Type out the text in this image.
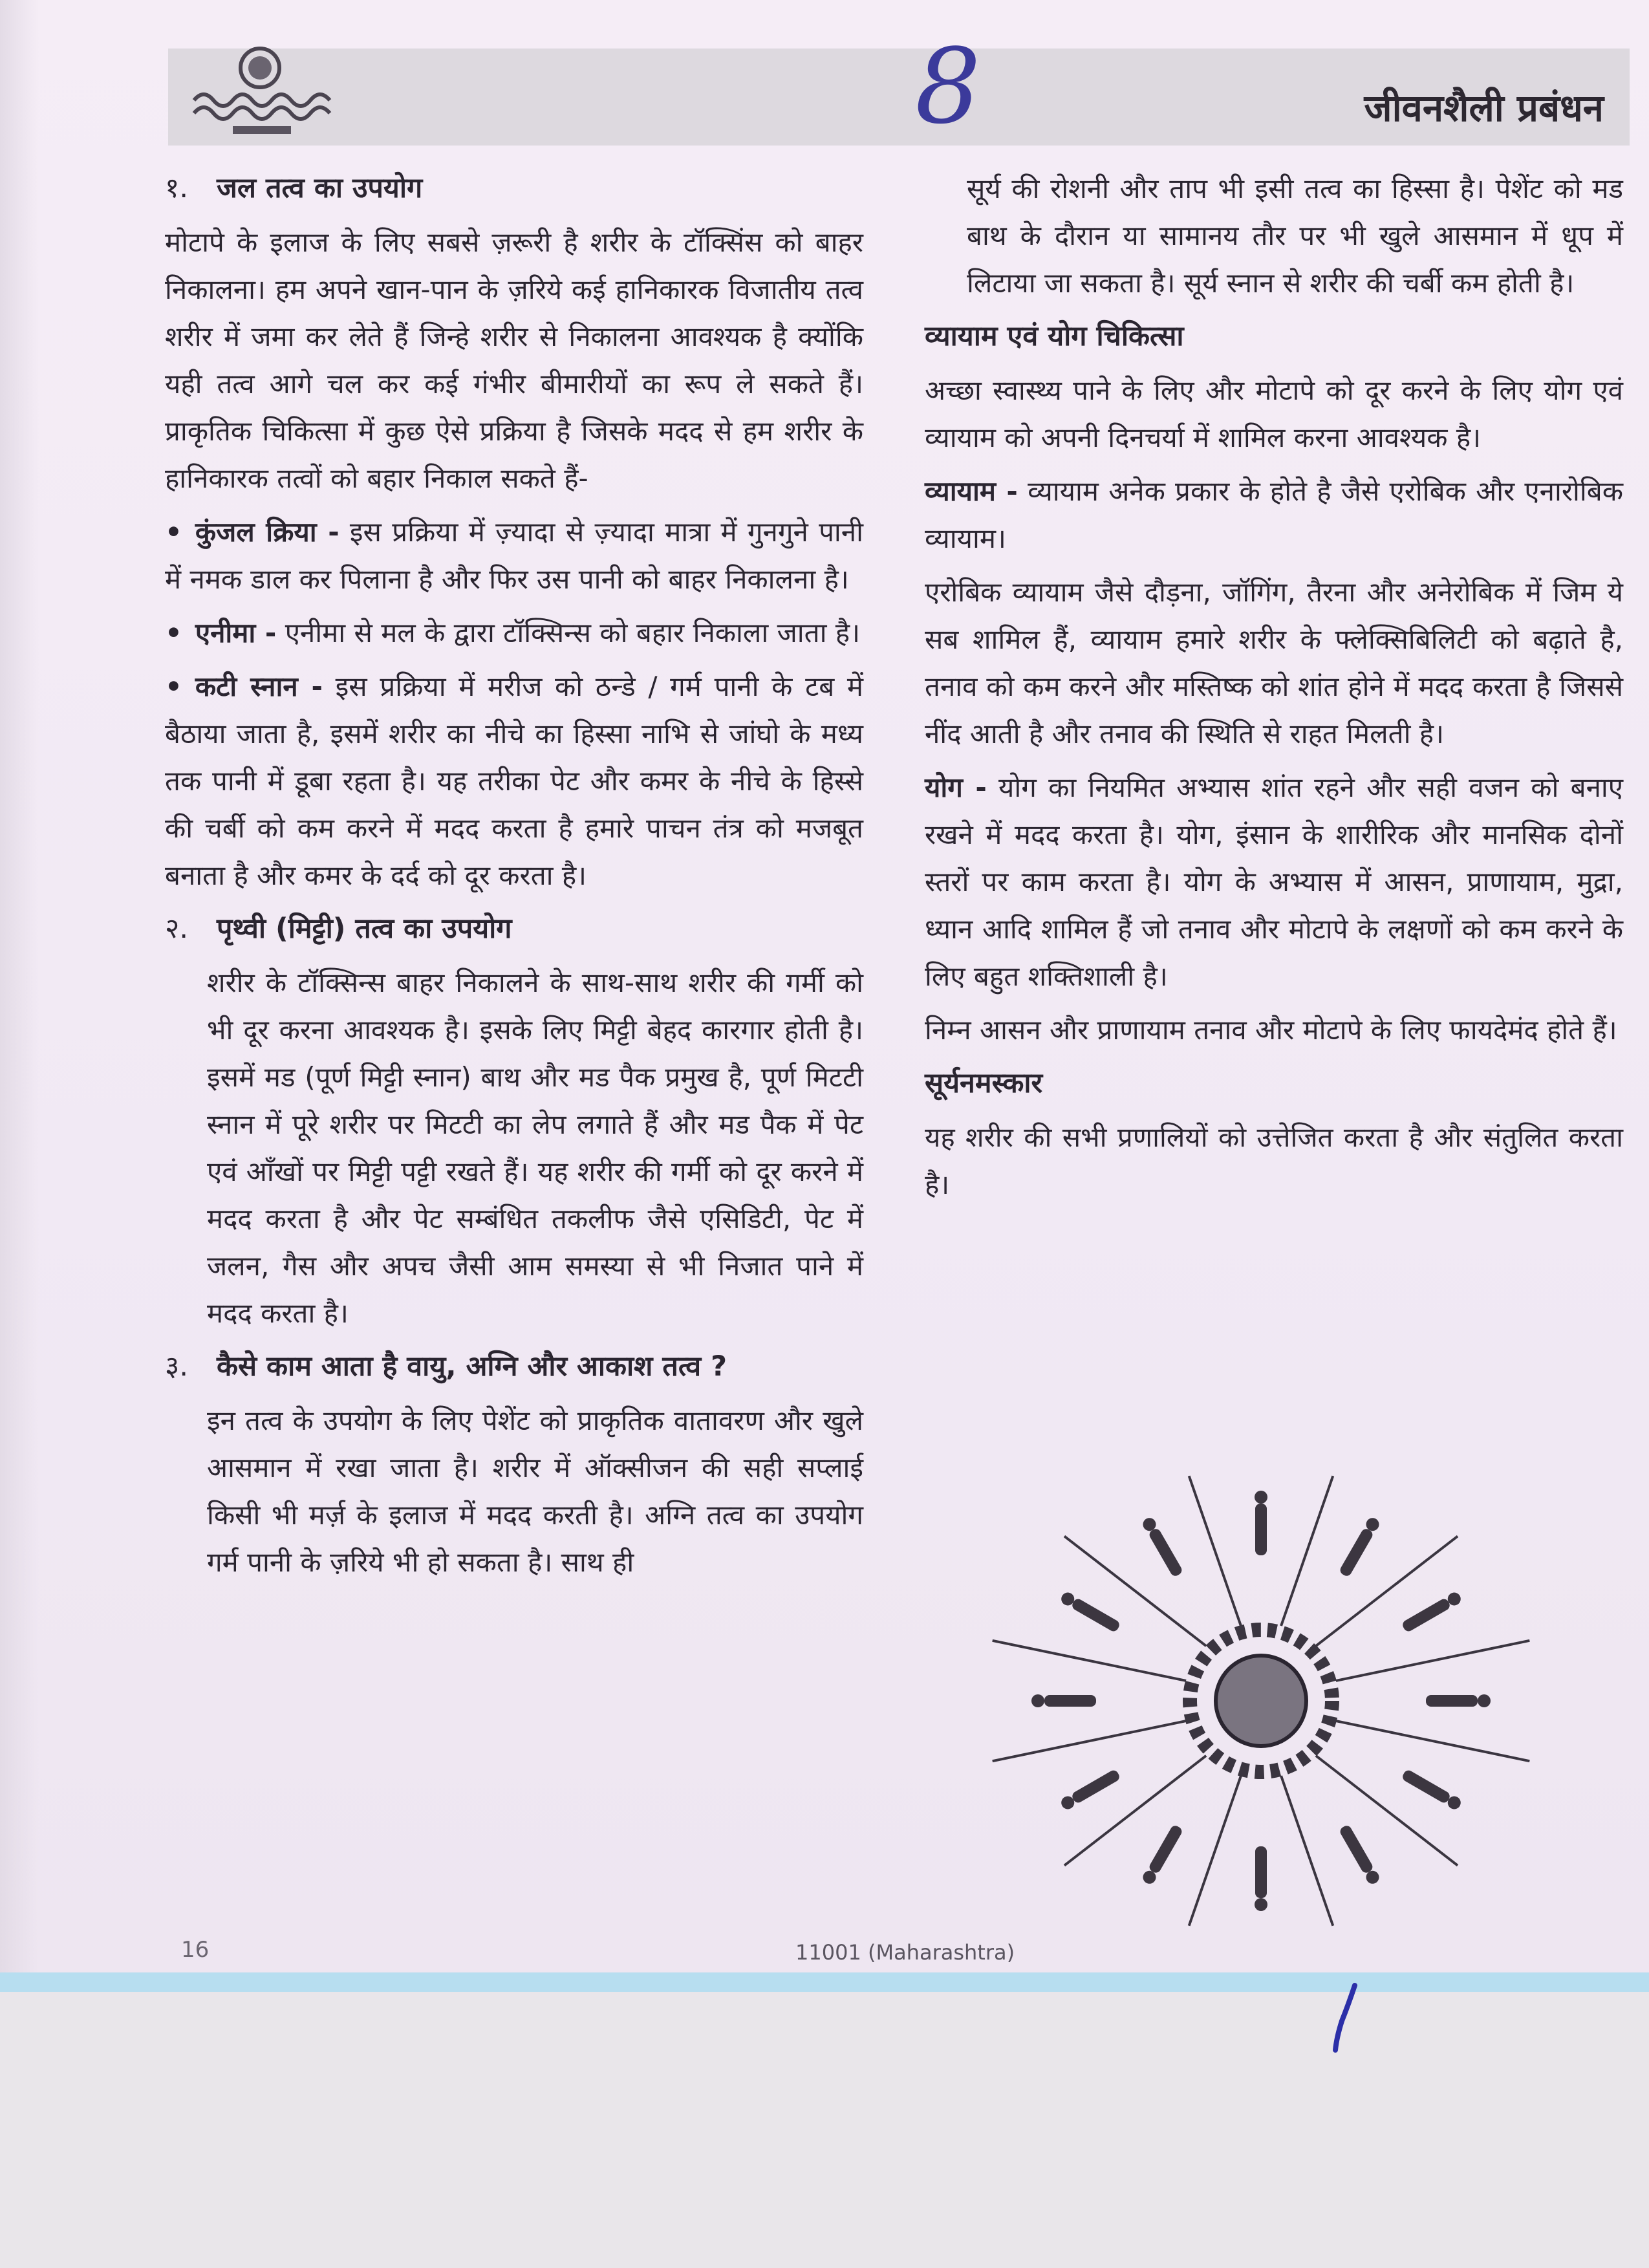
8	जीवनशैली प्रबंधन
१. जल तत्व का उपयोग

मोटापे के इलाज के लिए सबसे ज़रूरी है शरीर के टॉक्सिंस को बाहर निकालना। हम अपने खान-पान के ज़रिये कई हानिकारक विजातीय तत्व शरीर में जमा कर लेते हैं जिन्हे शरीर से निकालना आवश्यक है क्योंकि यही तत्व आगे चल कर कई गंभीर बीमारीयों का रूप ले सकते हैं। प्राकृतिक चिकित्सा में कुछ ऐसे प्रक्रिया है जिसके मदद से हम शरीर के हानिकारक तत्वों को बहार निकाल सकते हैं-

• कुंजल क्रिया - इस प्रक्रिया में ज़्यादा से ज़्यादा मात्रा में गुनगुने पानी में नमक डाल कर पिलाना है और फिर उस पानी को बाहर निकालना है।

• एनीमा - एनीमा से मल के द्वारा टॉक्सिन्स को बहार निकाला जाता है।

• कटी स्नान - इस प्रक्रिया में मरीज को ठन्डे / गर्म पानी के टब में बैठाया जाता है, इसमें शरीर का नीचे का हिस्सा नाभि से जांघो के मध्य तक पानी में डूबा रहता है। यह तरीका पेट और कमर के नीचे के हिस्से की चर्बी को कम करने में मदद करता है हमारे पाचन तंत्र को मजबूत बनाता है और कमर के दर्द को दूर करता है।

२. पृथ्वी (मिट्टी) तत्व का उपयोग

शरीर के टॉक्सिन्स बाहर निकालने के साथ-साथ शरीर की गर्मी को भी दूर करना आवश्यक है। इसके लिए मिट्टी बेहद कारगार होती है। इसमें मड (पूर्ण मिट्टी स्नान) बाथ और मड पैक प्रमुख है, पूर्ण मिटटी स्नान में पूरे शरीर पर मिटटी का लेप लगाते हैं और मड पैक में पेट एवं आँखों पर मिट्टी पट्टी रखते हैं। यह शरीर की गर्मी को दूर करने में मदद करता है और पेट सम्बंधित तकलीफ जैसे एसिडिटी, पेट में जलन, गैस और अपच जैसी आम समस्या से भी निजात पाने में मदद करता है।

३. कैसे काम आता है वायु, अग्नि और आकाश तत्व ?

इन तत्व के उपयोग के लिए पेशेंट को प्राकृतिक वातावरण और खुले आसमान में रखा जाता है। शरीर में ऑक्सीजन की सही सप्लाई किसी भी मर्ज़ के इलाज में मदद करती है। अग्नि तत्व का उपयोग गर्म पानी के ज़रिये भी हो सकता है। साथ ही

सूर्य की रोशनी और ताप भी इसी तत्व का हिस्सा है। पेशेंट को मड बाथ के दौरान या सामानय तौर पर भी खुले आसमान में धूप में लिटाया जा सकता है। सूर्य स्नान से शरीर की चर्बी कम होती है।

व्यायाम एवं योग चिकित्सा

अच्छा स्वास्थ्य पाने के लिए और मोटापे को दूर करने के लिए योग एवं व्यायाम को अपनी दिनचर्या में शामिल करना आवश्यक है।

व्यायाम - व्यायाम अनेक प्रकार के होते है जैसे एरोबिक और एनारोबिक व्यायाम।

एरोबिक व्यायाम जैसे दौड़ना, जॉगिंग, तैरना और अनेरोबिक में जिम ये सब शामिल हैं, व्यायाम हमारे शरीर के फ्लेक्सिबिलिटी को बढ़ाते है, तनाव को कम करने और मस्तिष्क को शांत होने में मदद करता है जिससे नींद आती है और तनाव की स्थिति से राहत मिलती है।

योग - योग का नियमित अभ्यास शांत रहने और सही वजन को बनाए रखने में मदद करता है। योग, इंसान के शारीरिक और मानसिक दोनों स्तरों पर काम करता है। योग के अभ्यास में आसन, प्राणायाम, मुद्रा, ध्यान आदि शामिल हैं जो तनाव और मोटापे के लक्षणों को कम करने के लिए बहुत शक्तिशाली है।

निम्न आसन और प्राणायाम तनाव और मोटापे के लिए फायदेमंद होते हैं।

सूर्यनमस्कार

यह शरीर की सभी प्रणालियों को उत्तेजित करता है और संतुलित करता है।

16	11001 (Maharashtra)
